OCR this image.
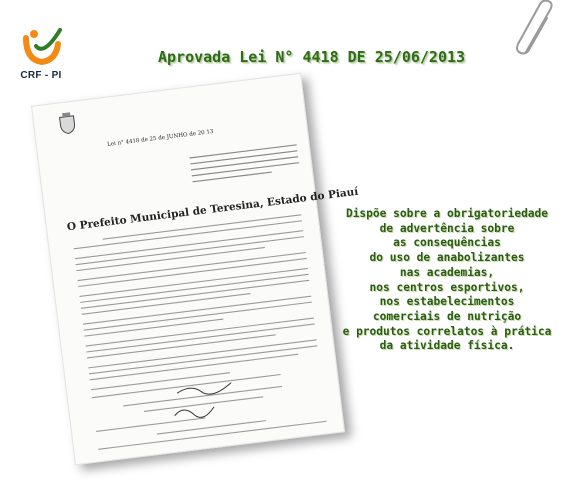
CRF - PI
Aprovada Lei N° 4418 DE 25/06/2013
Lei n° 4418 de 25 de JUNHO de 20 13
O Prefeito Municipal de Teresina, Estado do Piauí
Dispõe sobre a obrigatoriedade
de advertência sobre
as consequências
do uso de anabolizantes
nas academias,
nos centros esportivos,
nos estabelecimentos
comerciais de nutrição
e produtos correlatos à prática
da atividade física.
